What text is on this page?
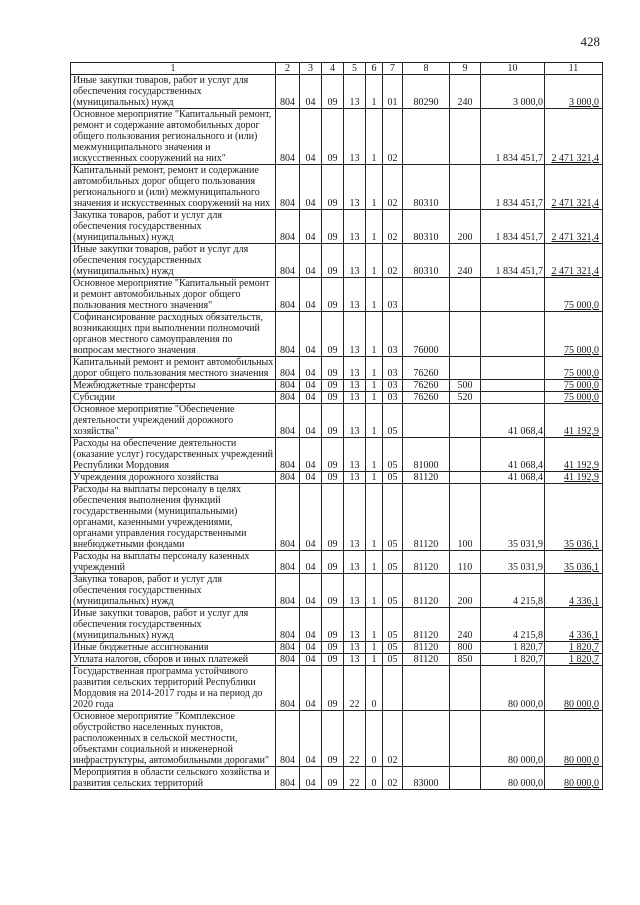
428
1	2	3	4	5	6	7	8	9	10	11
Иные закупки товаров, работ и услуг для обеспечения государственных (муниципальных) нужд	804	04	09	13	1	01	80290	240	3 000,0	3 000,0
Основное мероприятие "Капитальный ремонт, ремонт и содержание автомобильных дорог общего пользования регионального и (или) межмуниципального значения и искусственных сооружений на них"	804	04	09	13	1	02			1 834 451,7	2 471 321,4
Капитальный ремонт, ремонт и содержание автомобильных дорог общего пользования регионального и (или) межмуниципального значения и искусственных сооружений на них	804	04	09	13	1	02	80310		1 834 451,7	2 471 321,4
Закупка товаров, работ и услуг для обеспечения государственных (муниципальных) нужд	804	04	09	13	1	02	80310	200	1 834 451,7	2 471 321,4
Иные закупки товаров, работ и услуг для обеспечения государственных (муниципальных) нужд	804	04	09	13	1	02	80310	240	1 834 451,7	2 471 321,4
Основное мероприятие "Капитальный ремонт и ремонт автомобильных дорог общего пользования местного значения"	804	04	09	13	1	03				75 000,0
Софинансирование расходных обязательств, возникающих при выполнении полномочий органов местного самоуправления по вопросам местного значения	804	04	09	13	1	03	76000			75 000,0
Капитальный ремонт и ремонт автомобильных дорог общего пользования местного значения	804	04	09	13	1	03	76260			75 000,0
Межбюджетные трансферты	804	04	09	13	1	03	76260	500		75 000,0
Субсидии	804	04	09	13	1	03	76260	520		75 000,0
Основное мероприятие "Обеспечение деятельности учреждений дорожного хозяйства"	804	04	09	13	1	05			41 068,4	41 192,9
Расходы на обеспечение деятельности (оказание услуг) государственных учреждений Республики Мордовия	804	04	09	13	1	05	81000		41 068,4	41 192,9
Учреждения дорожного хозяйства	804	04	09	13	1	05	81120		41 068,4	41 192,9
Расходы на выплаты персоналу в целях обеспечения выполнения функций государственными (муниципальными) органами, казенными учреждениями, органами управления государственными внебюджетными фондами	804	04	09	13	1	05	81120	100	35 031,9	35 036,1
Расходы на выплаты персоналу казенных учреждений	804	04	09	13	1	05	81120	110	35 031,9	35 036,1
Закупка товаров, работ и услуг для обеспечения государственных (муниципальных) нужд	804	04	09	13	1	05	81120	200	4 215,8	4 336,1
Иные закупки товаров, работ и услуг для обеспечения государственных (муниципальных) нужд	804	04	09	13	1	05	81120	240	4 215,8	4 336,1
Иные бюджетные ассигнования	804	04	09	13	1	05	81120	800	1 820,7	1 820,7
Уплата налогов, сборов и иных платежей	804	04	09	13	1	05	81120	850	1 820,7	1 820,7
Государственная программа устойчивого развития сельских территорий Республики Мордовия на 2014-2017 годы и на период до 2020 года	804	04	09	22	0				80 000,0	80 000,0
Основное мероприятие "Комплексное обустройство населенных пунктов, расположенных в сельской местности, объектами социальной и инженерной инфраструктуры, автомобильными дорогами"	804	04	09	22	0	02			80 000,0	80 000,0
Мероприятия в области сельского хозяйства и развития сельских территорий	804	04	09	22	0	02	83000		80 000,0	80 000,0
